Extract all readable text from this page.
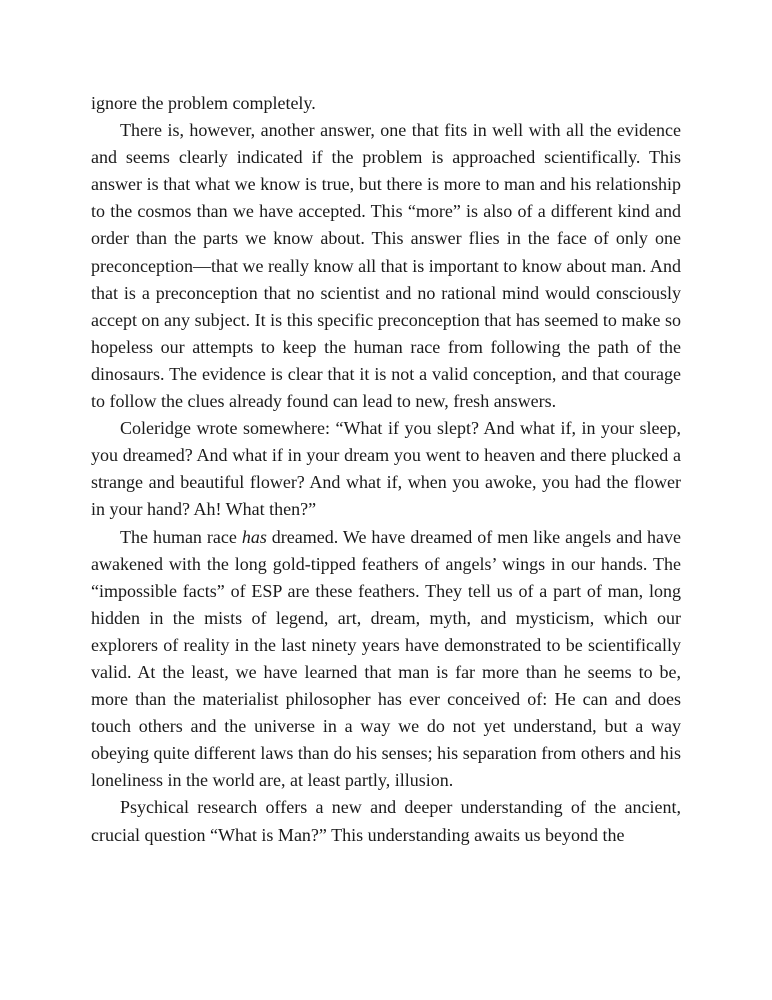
ignore the problem completely.

There is, however, another answer, one that fits in well with all the evidence and seems clearly indicated if the problem is approached scientifically. This answer is that what we know is true, but there is more to man and his relationship to the cosmos than we have accepted. This “more” is also of a different kind and order than the parts we know about. This answer flies in the face of only one preconception—that we really know all that is important to know about man. And that is a preconception that no scientist and no rational mind would consciously accept on any subject. It is this specific preconception that has seemed to make so hopeless our attempts to keep the human race from following the path of the dinosaurs. The evidence is clear that it is not a valid conception, and that courage to follow the clues already found can lead to new, fresh answers.

Coleridge wrote somewhere: “What if you slept? And what if, in your sleep, you dreamed? And what if in your dream you went to heaven and there plucked a strange and beautiful flower? And what if, when you awoke, you had the flower in your hand? Ah! What then?”

The human race has dreamed. We have dreamed of men like angels and have awakened with the long gold-tipped feathers of angels’ wings in our hands. The “impossible facts” of ESP are these feathers. They tell us of a part of man, long hidden in the mists of legend, art, dream, myth, and mysticism, which our explorers of reality in the last ninety years have demonstrated to be scientifically valid. At the least, we have learned that man is far more than he seems to be, more than the materialist philosopher has ever conceived of: He can and does touch others and the universe in a way we do not yet understand, but a way obeying quite different laws than do his senses; his separation from others and his loneliness in the world are, at least partly, illusion.

Psychical research offers a new and deeper understanding of the ancient, crucial question “What is Man?” This understanding awaits us beyond the
